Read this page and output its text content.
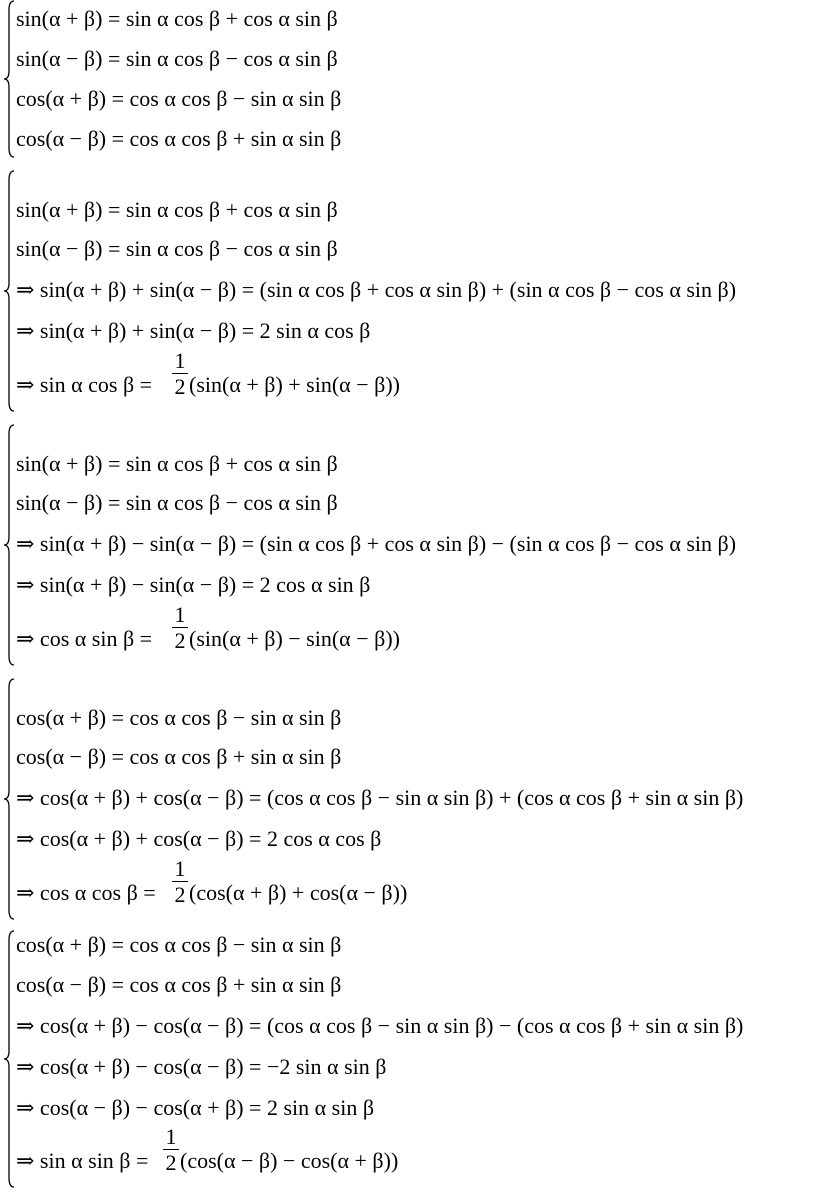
sin(α + β) = sin α cos β + cos α sin β
sin(α − β) = sin α cos β − cos α sin β
cos(α + β) = cos α cos β − sin α sin β
cos(α − β) = cos α cos β + sin α sin β
sin(α + β) = sin α cos β + cos α sin β
sin(α − β) = sin α cos β − cos α sin β
⇒ sin(α + β) + sin(α − β) = (sin α cos β + cos α sin β) + (sin α cos β − cos α sin β)
⇒ sin(α + β) + sin(α − β) = 2 sin α cos β
⇒ sin α cos β =
1
2 (sin(α + β) + sin(α − β))
sin(α + β) = sin α cos β + cos α sin β
sin(α − β) = sin α cos β − cos α sin β
⇒ sin(α + β) − sin(α − β) = (sin α cos β + cos α sin β) − (sin α cos β − cos α sin β)
⇒ sin(α + β) − sin(α − β) = 2 cos α sin β
⇒ cos α sin β =
1
2 (sin(α + β) − sin(α − β))
cos(α + β) = cos α cos β − sin α sin β
cos(α − β) = cos α cos β + sin α sin β
⇒ cos(α + β) + cos(α − β) = (cos α cos β − sin α sin β) + (cos α cos β + sin α sin β)
⇒ cos(α + β) + cos(α − β) = 2 cos α cos β
⇒ cos α cos β =
1
2 (cos(α + β) + cos(α − β))
cos(α + β) = cos α cos β − sin α sin β
cos(α − β) = cos α cos β + sin α sin β
⇒ cos(α + β) − cos(α − β) = (cos α cos β − sin α sin β) − (cos α cos β + sin α sin β)
⇒ cos(α + β) − cos(α − β) = −2 sin α sin β
⇒ cos(α − β) − cos(α + β) = 2 sin α sin β
⇒ sin α sin β =
1
2 (cos(α − β) − cos(α + β))
